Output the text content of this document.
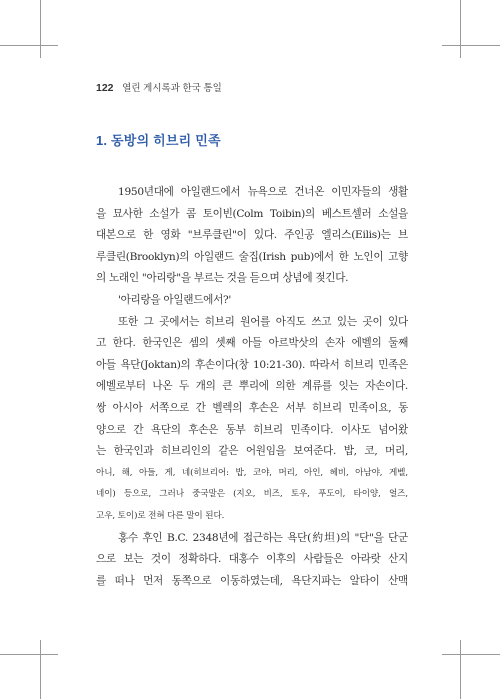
122 열린 게시록과 한국 통일
1. 동방의 히브리 민족

1950년대에 아일랜드에서 뉴욕으로 건너온 이민자들의 생활

을 묘사한 소설가 콤 토이빈(Colm Toibin)의 베스트셀러 소설을

대본으로 한 영화 "브루클린"이 있다. 주인공 엘리스(Eilis)는 브

루클린(Brooklyn)의 아일랜드 술집(Irish pub)에서 한 노인이 고향

의 노래인 "아리랑"을 부르는 것을 듣으며 상념에 젖긴다.

'아리랑을 아일랜드에서?'

또한 그 곳에서는 히브리 원어를 아직도 쓰고 있는 곳이 있다

고 한다. 한국인은 셈의 셋째 아들 아르박삿의 손자 에벨의 둘째

아들 욕단(Joktan)의 후손이다(창 10:21-30). 따라서 히브리 민족은

에벨로부터 나온 두 개의 큰 뿌리에 의한 계류를 잇는 자손이다.

쌍 아시아 서쪽으로 간 벨렉의 후손은 서부 히브리 민족이요, 동

양으로 간 욕단의 후손은 동부 히브리 민족이다. 이사도 넘어왔

는 한국인과 히브리인의 같은 어원임을 보여준다. 밥, 코, 머리,

아니, 해, 아들, 게, 네(히브리어: 밥, 코야, 머리, 아인, 헤비, 아남야, 게벨,

네이) 등으로, 그러나 중국말은 (지오, 비즈, 토우, 푸도이, 타이양, 얼즈,

고우, 토이)로 전혀 다른 말이 된다.

홍수 후인 B.C. 2348년에 접근하는 욕단(約坦)의 "단"을 단군

으로 보는 것이 정확하다. 대홍수 이후의 사람들은 아라랏 산지

를 떠나 먼저 동쪽으로 이동하였는데, 욕단지파는 알타이 산맥
